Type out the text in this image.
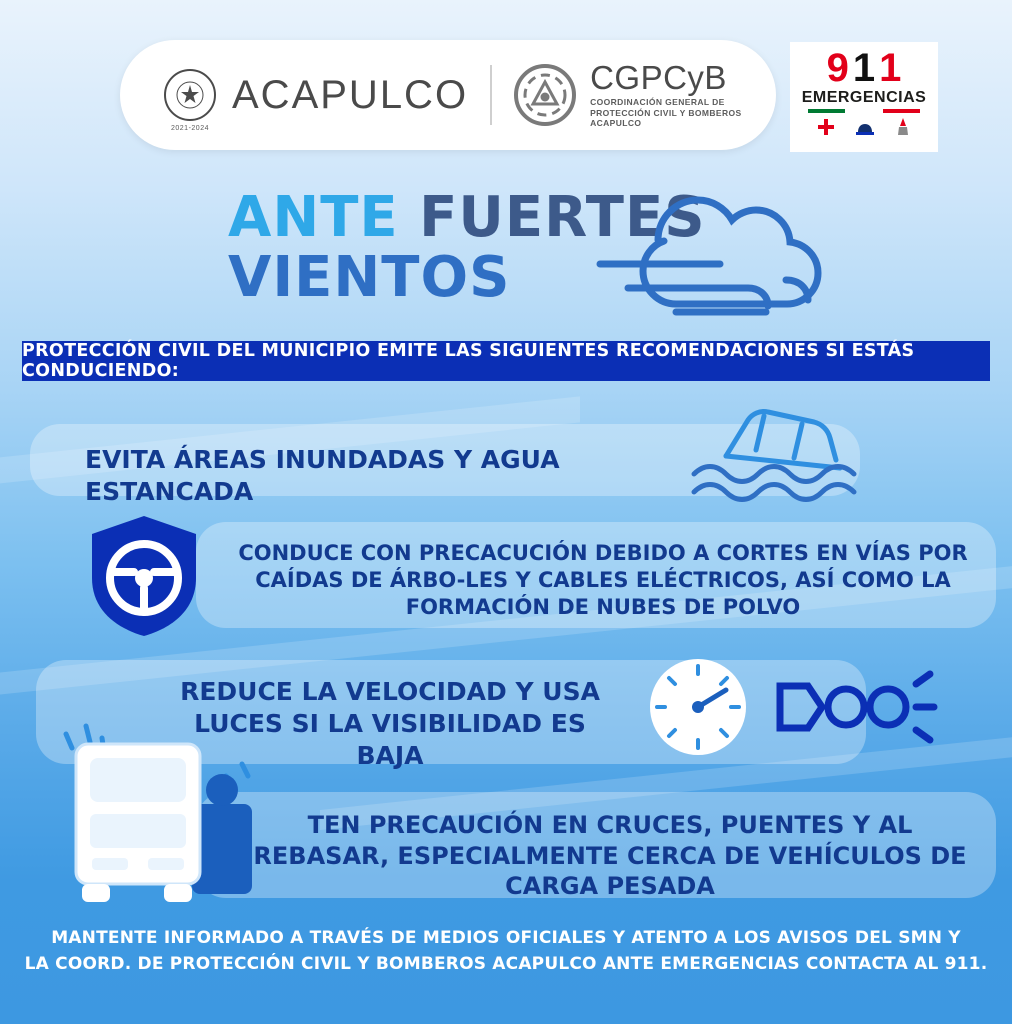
2021-2024
ACAPULCO	CGPCyB
COORDINACIÓN GENERAL DE
PROTECCIÓN CIVIL Y BOMBEROS
ACAPULCO
9 1 1
EMERGENCIAS
ANTE FUERTES
VIENTOS
PROTECCIÓN CIVIL DEL MUNICIPIO EMITE LAS SIGUIENTES RECOMENDACIONES SI ESTÁS CONDUCIENDO:
EVITA ÁREAS INUNDADAS Y AGUA ESTANCADA
CONDUCE CON PRECACUCIÓN DEBIDO A CORTES EN VÍAS POR CAÍDAS DE ÁRBO-LES Y CABLES ELÉCTRICOS, ASÍ COMO LA FORMACIÓN DE NUBES DE POLVO
REDUCE LA VELOCIDAD Y USA LUCES SI LA VISIBILIDAD ES BAJA
TEN PRECAUCIÓN EN CRUCES, PUENTES Y AL REBASAR, ESPECIALMENTE CERCA DE VEHÍCULOS DE CARGA PESADA
MANTENTE INFORMADO A TRAVÉS DE MEDIOS OFICIALES Y ATENTO A LOS AVISOS DEL SMN Y
LA COORD. DE PROTECCIÓN CIVIL Y BOMBEROS ACAPULCO ANTE EMERGENCIAS CONTACTA AL 911.
